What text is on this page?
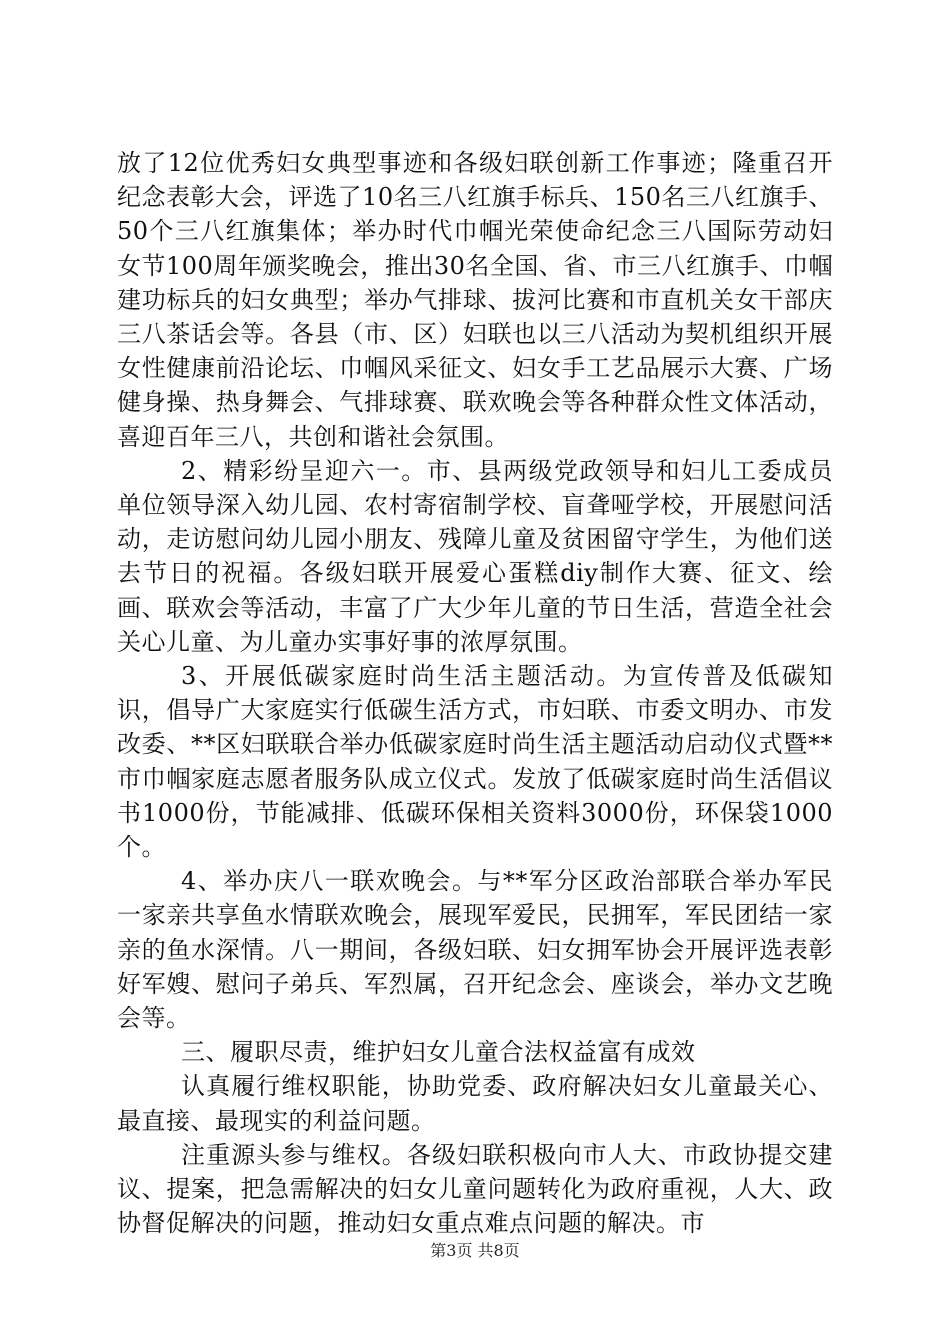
放了12位优秀妇女典型事迹和各级妇联创新工作事迹；隆重召开纪念表彰大会，评选了10名三八红旗手标兵、150名三八红旗手、50个三八红旗集体；举办时代巾帼光荣使命纪念三八国际劳动妇女节100周年颁奖晚会，推出30名全国、省、市三八红旗手、巾帼建功标兵的妇女典型；举办气排球、拔河比赛和市直机关女干部庆三八茶话会等。各县（市、区）妇联也以三八活动为契机组织开展女性健康前沿论坛、巾帼风采征文、妇女手工艺品展示大赛、广场健身操、热身舞会、气排球赛、联欢晚会等各种群众性文体活动，喜迎百年三八，共创和谐社会氛围。

2、精彩纷呈迎六一。市、县两级党政领导和妇儿工委成员单位领导深入幼儿园、农村寄宿制学校、盲聋哑学校，开展慰问活动，走访慰问幼儿园小朋友、残障儿童及贫困留守学生，为他们送去节日的祝福。各级妇联开展爱心蛋糕diy制作大赛、征文、绘画、联欢会等活动，丰富了广大少年儿童的节日生活，营造全社会关心儿童、为儿童办实事好事的浓厚氛围。

3、开展低碳家庭时尚生活主题活动。为宣传普及低碳知识，倡导广大家庭实行低碳生活方式，市妇联、市委文明办、市发改委、**区妇联联合举办低碳家庭时尚生活主题活动启动仪式暨**市巾帼家庭志愿者服务队成立仪式。发放了低碳家庭时尚生活倡议书1000份，节能减排、低碳环保相关资料3000份，环保袋1000个。

4、举办庆八一联欢晚会。与**军分区政治部联合举办军民一家亲共享鱼水情联欢晚会，展现军爱民，民拥军，军民团结一家亲的鱼水深情。八一期间，各级妇联、妇女拥军协会开展评选表彰好军嫂、慰问子弟兵、军烈属，召开纪念会、座谈会，举办文艺晚会等。

三、履职尽责，维护妇女儿童合法权益富有成效

认真履行维权职能，协助党委、政府解决妇女儿童最关心、最直接、最现实的利益问题。

注重源头参与维权。各级妇联积极向市人大、市政协提交建议、提案，把急需解决的妇女儿童问题转化为政府重视，人大、政协督促解决的问题，推动妇女重点难点问题的解决。市

第3页 共8页
